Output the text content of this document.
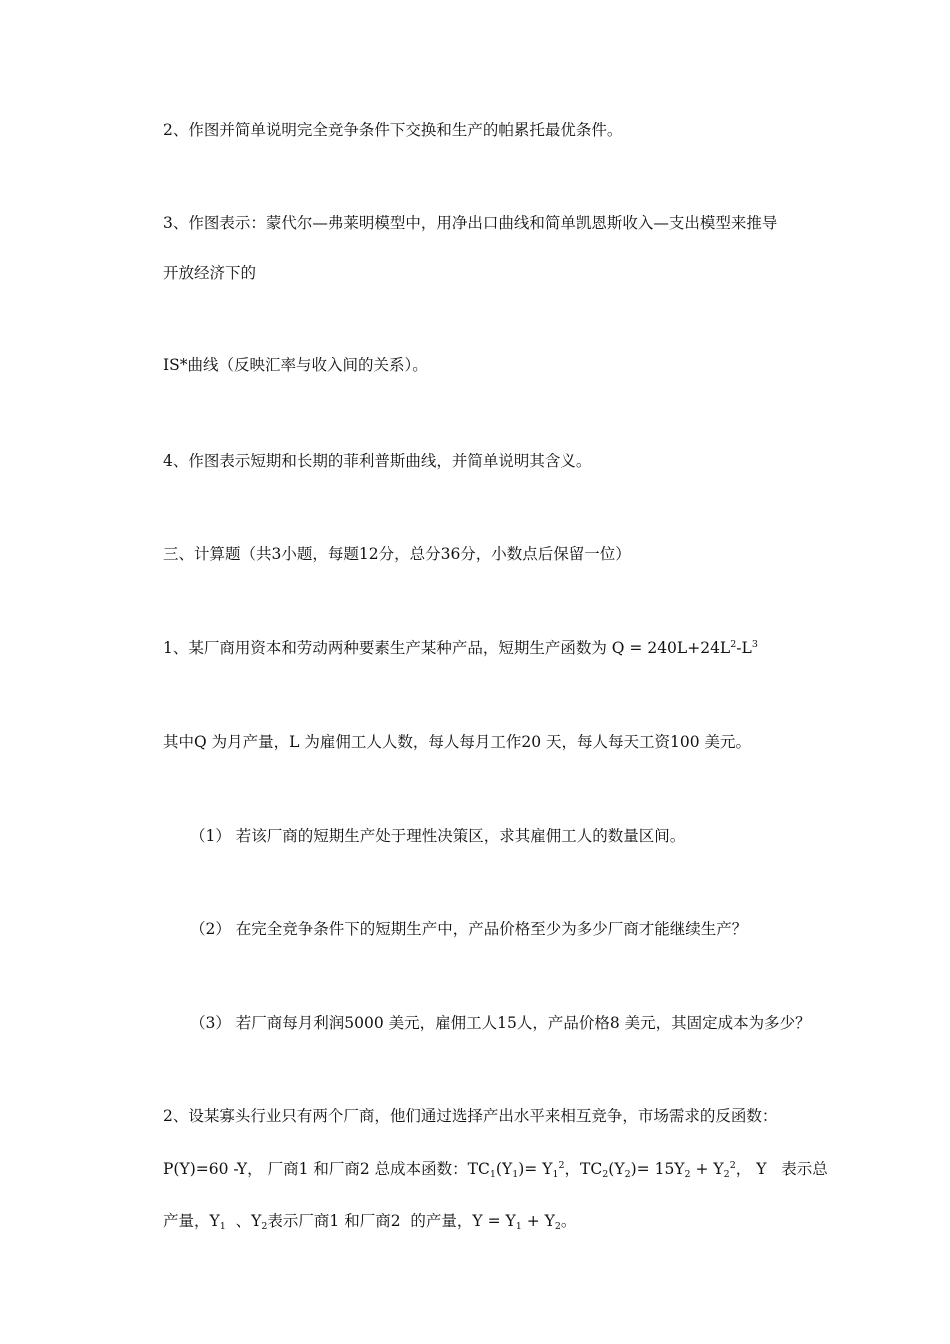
2、作图并简单说明完全竞争条件下交换和生产的帕累托最优条件。
3、作图表示：蒙代尔—弗莱明模型中，用净出口曲线和简单凯恩斯收入—支出模型来推导
开放经济下的
IS*曲线（反映汇率与收入间的关系）。
4、作图表示短期和长期的菲利普斯曲线，并简单说明其含义。
三、计算题（共3小题，每题12分，总分36分，小数点后保留一位）
1、某厂商用资本和劳动两种要素生产某种产品，短期生产函数为 $Q = 240L+24L^2-L^3$
其中Q 为月产量，L 为雇佣工人人数，每人每月工作20 天，每人每天工资100 美元。
（1） 若该厂商的短期生产处于理性决策区，求其雇佣工人的数量区间。
（2） 在完全竞争条件下的短期生产中，产品价格至少为多少厂商才能继续生产？
（3） 若厂商每月利润5000 美元，雇佣工人15人，产品价格8 美元，其固定成本为多少？
2、设某寡头行业只有两个厂商，他们通过选择产出水平来相互竞争，市场需求的反函数：
P(Y)=60 -Y， 厂商1 和厂商2 总成本函数：$TC_1(Y_1)= Y_1^2$，$TC_2(Y_2)= 15Y_2 + Y_2^2$， Y   表示总
产量，$Y_1$  、$Y_2$表示厂商1 和厂商2  的产量，$Y = Y_1 + Y_2$。
